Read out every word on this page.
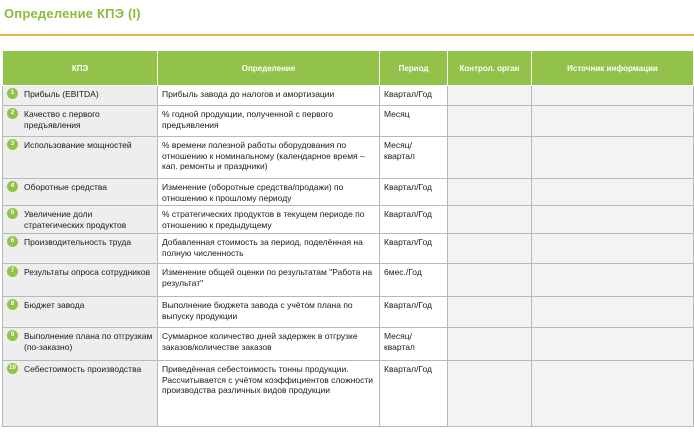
Определение КПЭ (I)
КПЭ	Определение	Период	Контрол. орган	Источник информации

1 Прибыль (EBITDA)	Прибыль завода до налогов и амортизации	Квартал/Год		

2 Качество с первого предъявления	% годной продукции, полученной с первого предъявления	Месяц		

3 Использование мощностей	% времени полезной работы оборудования по отношению к номинальному (календарное время – кап. ремонты и праздники)	Месяц/ квартал		

4 Оборотные средства	Изменение (оборотные средства/продажи) по отношению к прошлому периоду	Квартал/Год		

5 Увеличение доли стратегических продуктов	% стратегических продуктов в текущем периоде по отношению к предыдущему	Квартал/Год		

6 Производительность труда	Добавленная стоимость за период, поделённая на полную численность	Квартал/Год		

7 Результаты опроса сотрудников	Изменение общей оценки по результатам "Работа на результат"	6мес./Год		

8 Бюджет завода	Выполнение бюджета завода с учётом плана по выпуску продукции	Квартал/Год		

9 Выполнение плана по отгрузкам (по-заказно)	Суммарное количество дней задержек в отгрузке заказов/количестве заказов	Месяц/ квартал		

10 Себестоимость производства	Приведённая себестоимость тонны продукции. Рассчитывается с учётом коэффициентов сложности производства различных видов продукции	Квартал/Год		
